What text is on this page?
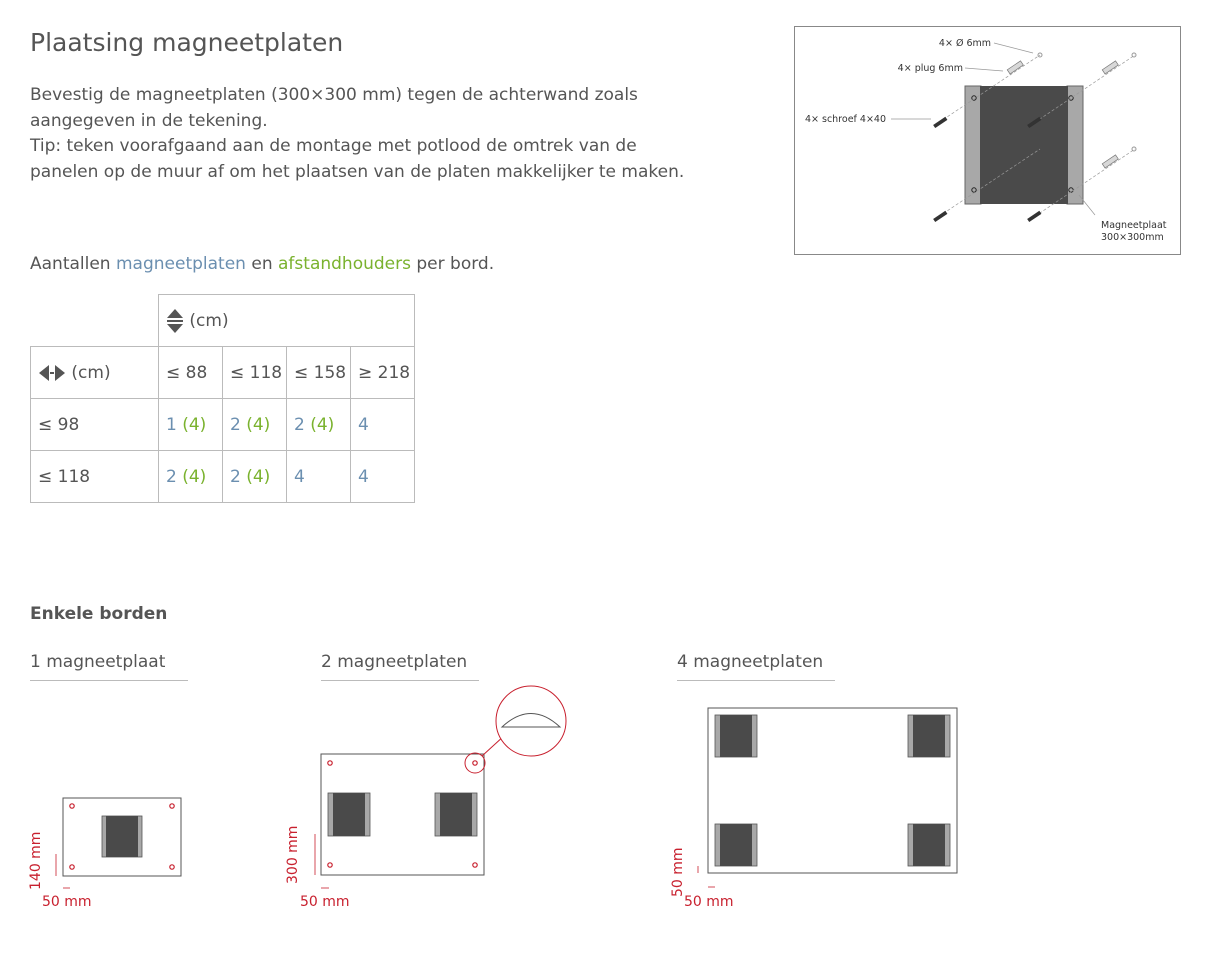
Plaatsing magneetplaten
Bevestig de magneetplaten (300×300 mm) tegen de achterwand zoals
aangegeven in de tekening.
Tip: teken voorafgaand aan de montage met potlood de omtrek van de
panelen op de muur af om het plaatsen van de platen makkelijker te maken.

Aantallen magneetplaten en afstandhouders per bord.

	(cm)			
(cm)	≤ 88	≤ 118	≤ 158	≥ 218
≤ 98	1 (4)	2 (4)	2 (4)	4
≤ 118	2 (4)	2 (4)	4	4
4× Ø 6mm
4× plug 6mm
4× schroef 4×40
Magneetplaat
300×300mm

Enkele borden

1 magneetplaat	2 magneetplaten	4 magneetplaten
140 mm
50 mm
300 mm
50 mm
50 mm
50 mm
